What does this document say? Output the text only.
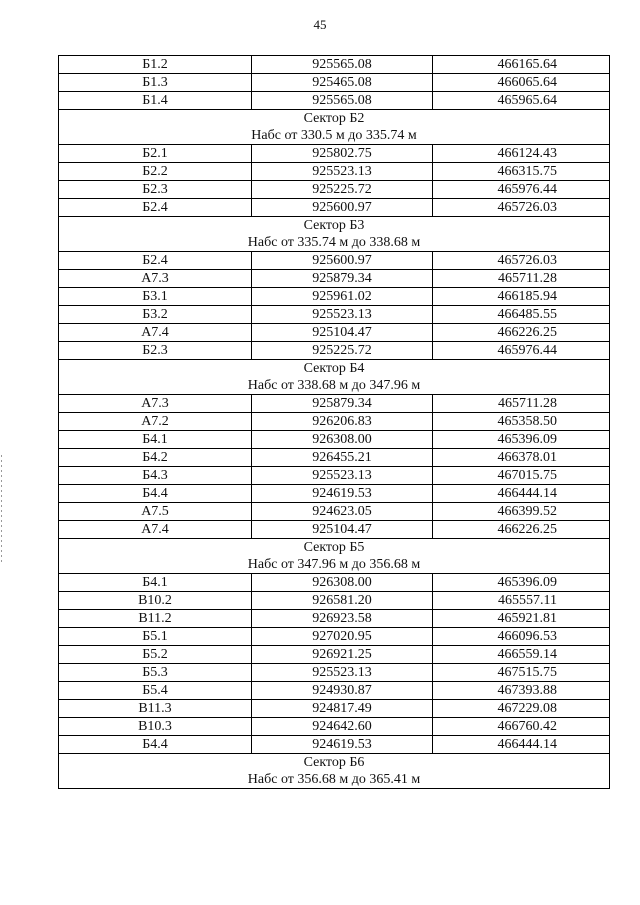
45
Б1.2	925565.08	466165.64
Б1.3	925465.08	466065.64
Б1.4	925565.08	465965.64
Сектор Б2		
Набс от 330.5 м до 335.74 м		
Б2.1	925802.75	466124.43
Б2.2	925523.13	466315.75
Б2.3	925225.72	465976.44
Б2.4	925600.97	465726.03
Сектор Б3		
Набс от 335.74 м до 338.68 м		
Б2.4	925600.97	465726.03
А7.3	925879.34	465711.28
Б3.1	925961.02	466185.94
Б3.2	925523.13	466485.55
А7.4	925104.47	466226.25
Б2.3	925225.72	465976.44
Сектор Б4		
Набс от 338.68 м до 347.96 м		
А7.3	925879.34	465711.28
А7.2	926206.83	465358.50
Б4.1	926308.00	465396.09
Б4.2	926455.21	466378.01
Б4.3	925523.13	467015.75
Б4.4	924619.53	466444.14
А7.5	924623.05	466399.52
А7.4	925104.47	466226.25
Сектор Б5		
Набс от 347.96 м до 356.68 м		
Б4.1	926308.00	465396.09
В10.2	926581.20	465557.11
В11.2	926923.58	465921.81
Б5.1	927020.95	466096.53
Б5.2	926921.25	466559.14
Б5.3	925523.13	467515.75
Б5.4	924930.87	467393.88
В11.3	924817.49	467229.08
В10.3	924642.60	466760.42
Б4.4	924619.53	466444.14
Сектор Б6		
Набс от 356.68 м до 365.41 м		
